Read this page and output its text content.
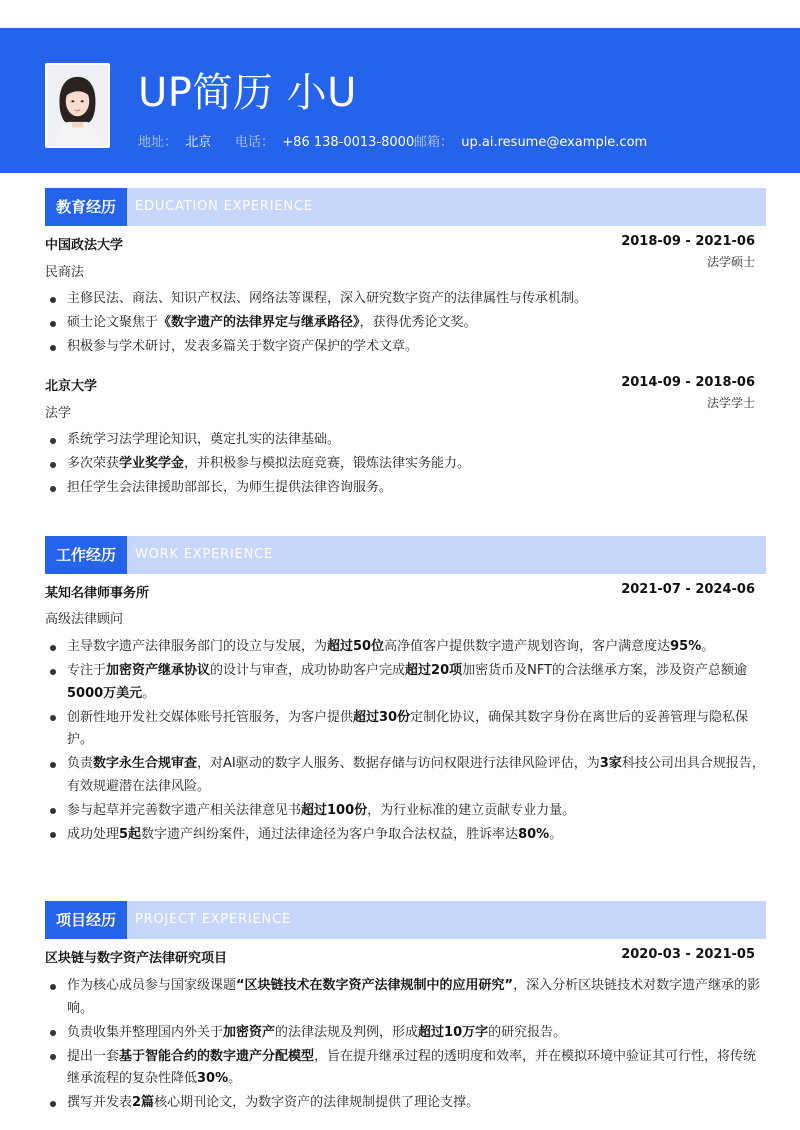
UP简历 小U
地址： 北京 电话： +86 138-0013-8000 邮箱： up.ai.resume@example.com
教育经历	EDUCATION EXPERIENCE
中国政法大学	2018-09 - 2021-06
民商法
法学硕士
主修民法、商法、知识产权法、网络法等课程，深入研究数字资产的法律属性与传承机制。
硕士论文聚焦于《数字遗产的法律界定与继承路径》，获得优秀论文奖。
积极参与学术研讨，发表多篇关于数字资产保护的学术文章。
北京大学	2014-09 - 2018-06
法学
法学学士
系统学习法学理论知识，奠定扎实的法律基础。
多次荣获学业奖学金，并积极参与模拟法庭竞赛，锻炼法律实务能力。
担任学生会法律援助部部长，为师生提供法律咨询服务。
工作经历	WORK EXPERIENCE
某知名律师事务所	2021-07 - 2024-06
高级法律顾问
主导数字遗产法律服务部门的设立与发展，为超过50位高净值客户提供数字遗产规划咨询，客户满意度达95%。
专注于加密资产继承协议的设计与审查，成功协助客户完成超过20项加密货币及NFT的合法继承方案，涉及资产总额逾5000万美元。
创新性地开发社交媒体账号托管服务，为客户提供超过30份定制化协议，确保其数字身份在离世后的妥善管理与隐私保护。
负责数字永生合规审查，对AI驱动的数字人服务、数据存储与访问权限进行法律风险评估，为3家科技公司出具合规报告，有效规避潜在法律风险。
参与起草并完善数字遗产相关法律意见书超过100份，为行业标准的建立贡献专业力量。
成功处理5起数字遗产纠纷案件，通过法律途径为客户争取合法权益，胜诉率达80%。
项目经历	PROJECT EXPERIENCE
区块链与数字资产法律研究项目	2020-03 - 2021-05
作为核心成员参与国家级课题“区块链技术在数字资产法律规制中的应用研究”，深入分析区块链技术对数字遗产继承的影响。
负责收集并整理国内外关于加密资产的法律法规及判例，形成超过10万字的研究报告。
提出一套基于智能合约的数字遗产分配模型，旨在提升继承过程的透明度和效率，并在模拟环境中验证其可行性，将传统继承流程的复杂性降低30%。
撰写并发表2篇核心期刊论文，为数字资产的法律规制提供了理论支撑。
